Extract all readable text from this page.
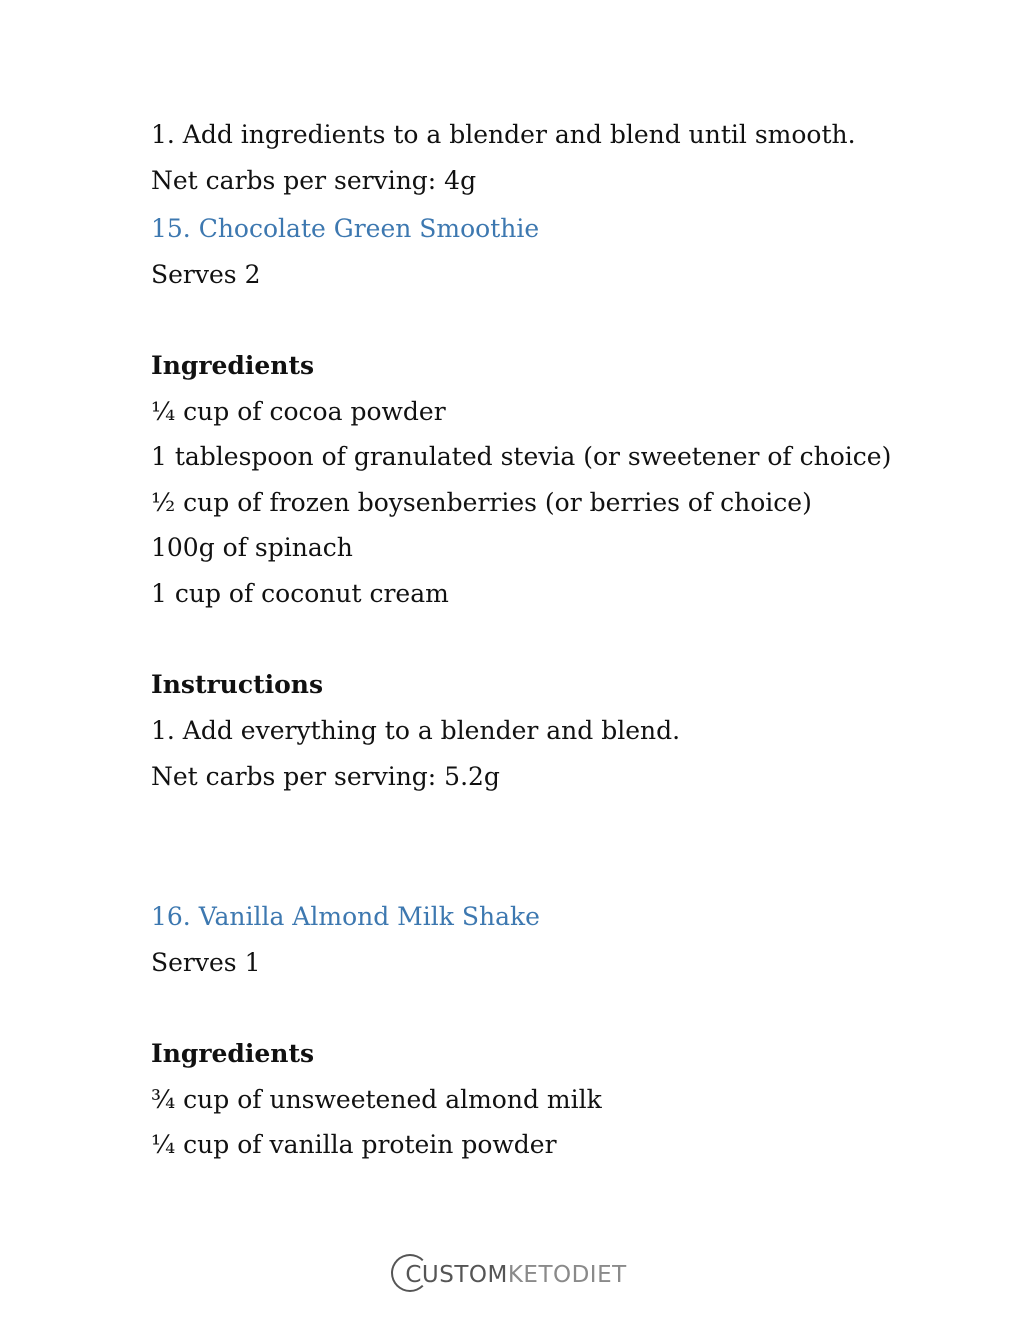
1. Add ingredients to a blender and blend until smooth.

Net carbs per serving: 4g

15. Chocolate Green Smoothie

Serves 2

Ingredients

¼ cup of cocoa powder

1 tablespoon of granulated stevia (or sweetener of choice)

½ cup of frozen boysenberries (or berries of choice)

100g of spinach

1 cup of coconut cream

Instructions

1. Add everything to a blender and blend.

Net carbs per serving: 5.2g

16. Vanilla Almond Milk Shake

Serves 1

Ingredients

¾ cup of unsweetened almond milk

¼ cup of vanilla protein powder

CUSTOMKETODIET
